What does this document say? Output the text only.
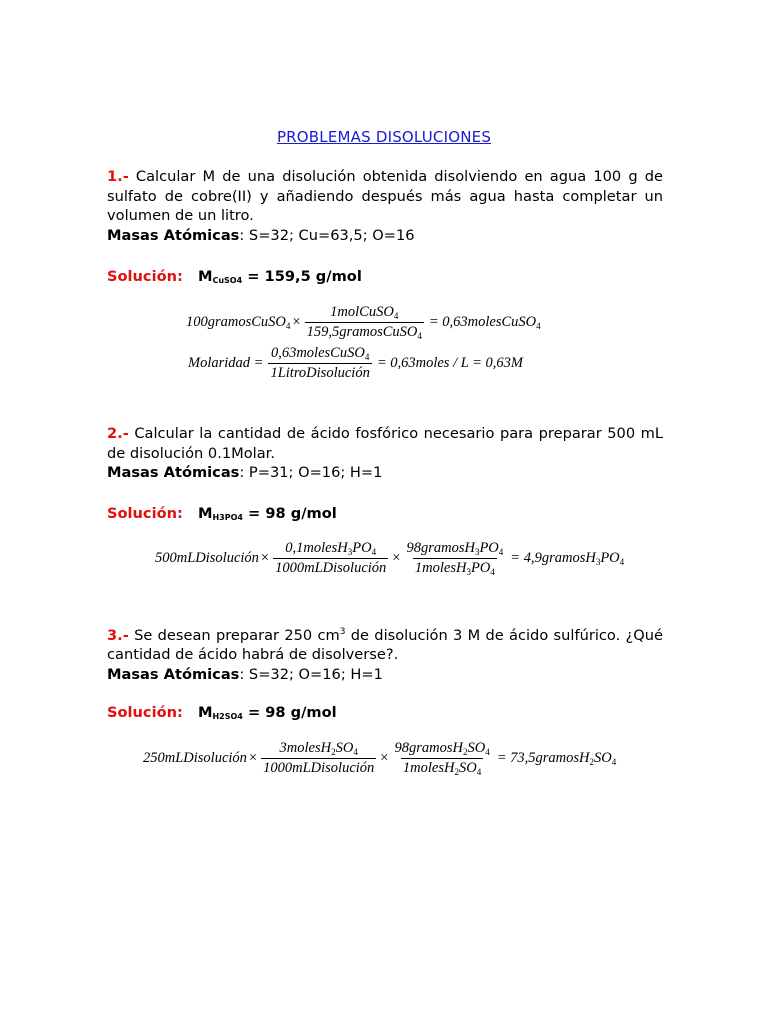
PROBLEMAS DISOLUCIONES
1.- Calcular M de una disolución obtenida disolviendo en agua 100 g de sulfato de cobre(II) y añadiendo después más agua hasta completar un volumen de un litro.
Masas Atómicas: S=32; Cu=63,5; O=16
Solución: $M_{CuSO4} = 159,5$ g/mol
100gramosCuSO$_4$ × $\frac{1molCuSO_4}{159,5gramosCuSO_4}$ = 0,63molesCuSO$_4$
Molaridad = $\frac{0,63molesCuSO_4}{\text{1LitroDisolución}}$ = 0,63moles / L = 0,63M
2.- Calcular la cantidad de ácido fosfórico necesario para preparar 500 mL de disolución 0.1Molar.
Masas Atómicas: P=31; O=16; H=1
Solución: $M_{H3PO4} = 98$ g/mol
500mLDisolución × $\frac{0,1molesH_3PO_4}{\text{1000mLDisolución}} \times \frac{98gramosH_3PO_4}{1molesH_3PO_4}$ = $4,9gramosH_3PO_4$
3.- Se desean preparar 250 $cm^3$ de disolución 3 M de ácido sulfúrico. ¿Qué cantidad de ácido habrá de disolverse?.
Masas Atómicas: S=32; O=16; H=1
Solución: $M_{H2SO4} = 98$ g/mol
250mLDisolución × $\frac{3molesH_2SO_4}{\text{1000mLDisolución}} \times \frac{98gramosH_2SO_4}{1molesH_2SO_4}$ = $73,5gramosH_2SO_4$
